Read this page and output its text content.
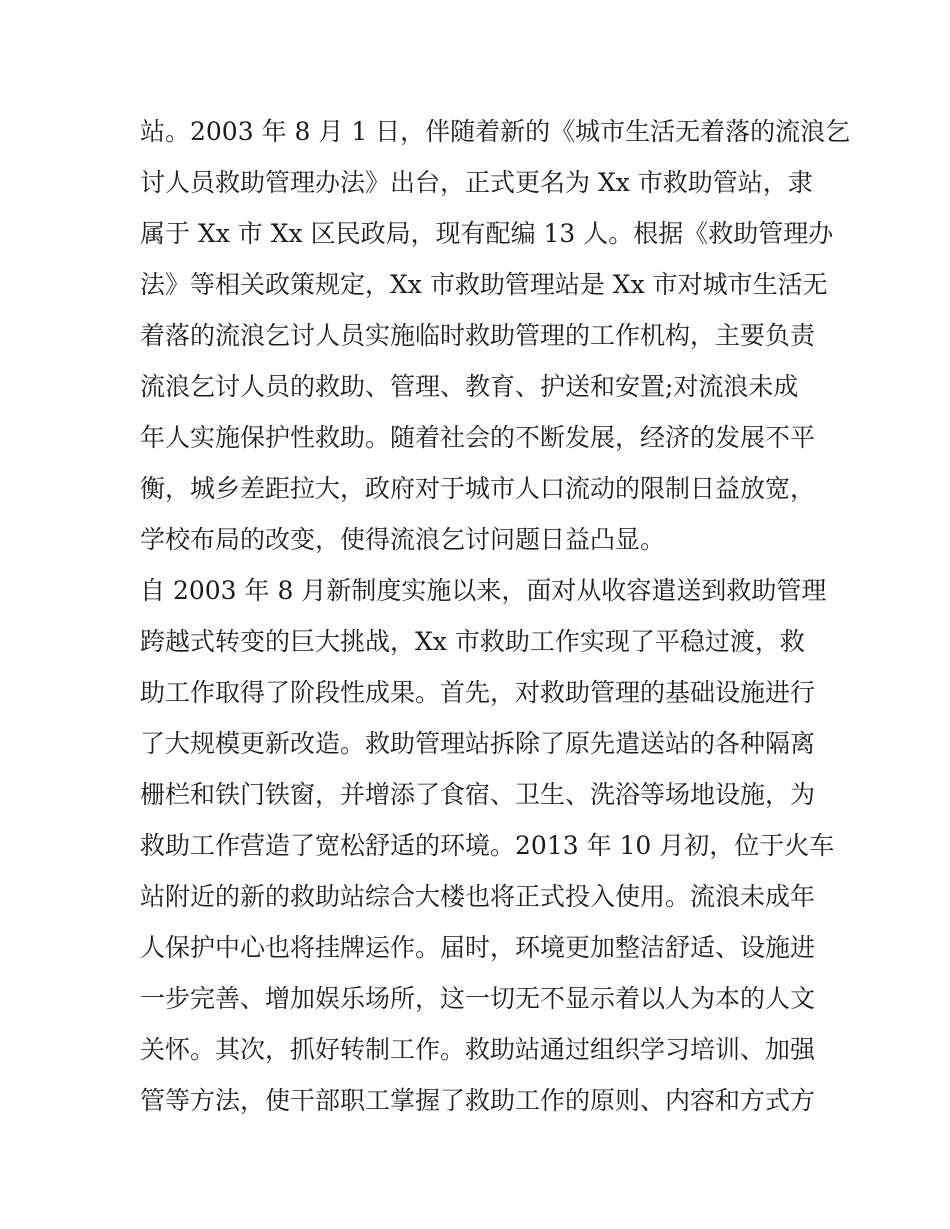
站。2003 年 8 月 1 日，伴随着新的《城市生活无着落的流浪乞
讨人员救助管理办法》出台，正式更名为 Xx 市救助管站，隶
属于 Xx 市 Xx 区民政局，现有配编 13 人。根据《救助管理办
法》等相关政策规定，Xx 市救助管理站是 Xx 市对城市生活无
着落的流浪乞讨人员实施临时救助管理的工作机构，主要负责
流浪乞讨人员的救助、管理、教育、护送和安置;对流浪未成
年人实施保护性救助。随着社会的不断发展，经济的发展不平
衡，城乡差距拉大，政府对于城市人口流动的限制日益放宽，
学校布局的改变，使得流浪乞讨问题日益凸显。
自 2003 年 8 月新制度实施以来，面对从收容遣送到救助管理
跨越式转变的巨大挑战，Xx 市救助工作实现了平稳过渡，救
助工作取得了阶段性成果。首先，对救助管理的基础设施进行
了大规模更新改造。救助管理站拆除了原先遣送站的各种隔离
栅栏和铁门铁窗，并增添了食宿、卫生、洗浴等场地设施，为
救助工作营造了宽松舒适的环境。2013 年 10 月初，位于火车
站附近的新的救助站综合大楼也将正式投入使用。流浪未成年
人保护中心也将挂牌运作。届时，环境更加整洁舒适、设施进
一步完善、增加娱乐场所，这一切无不显示着以人为本的人文
关怀。其次，抓好转制工作。救助站通过组织学习培训、加强
管等方法，使干部职工掌握了救助工作的原则、内容和方式方
